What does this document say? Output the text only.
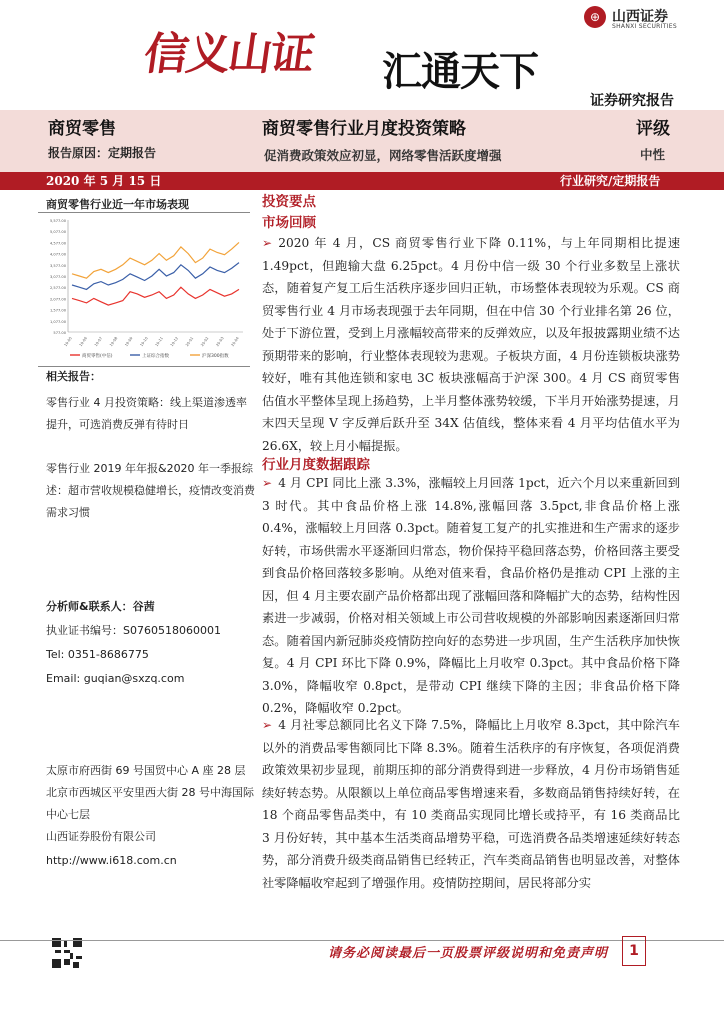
信义山证 汇通天下
⊕ 山西证券
SHANXI SECURITIES
证券研究报告
商贸零售
报告原因：定期报告
商贸零售行业月度投资策略
促消费政策效应初显，网络零售活跃度增强
评级
中性
2020 年 5 月 15 日	行业研究/定期报告
商贸零售行业近一年市场表现
5,577.00
5,077.00
4,577.00
4,077.00
3,577.00
3,077.00
2,577.00
2,077.00
1,577.00
1,077.00
577.00
19-05 19-06 19-07 19-08 19-09 19-10 19-11 19-12 20-01 20-02 20-03 20-04
商贸零售(中信)	上证综合指数	沪深300指数
相关报告：
零售行业 4 月投资策略：线上渠道渗透率提升，可选消费反弹有待时日
零售行业 2019 年年报&2020 年一季报综述：超市营收规模稳健增长，疫情改变消费需求习惯
分析师&联系人：谷茜
执业证书编号：S0760518060001
Tel: 0351-8686775
Email: guqian@sxzq.com
太原市府西街 69 号国贸中心 A 座 28 层
北京市西城区平安里西大街 28 号中海国际中心七层
山西证券股份有限公司
http://www.i618.com.cn
投资要点
市场回顾
➢ 2020 年 4 月，CS 商贸零售行业下降 0.11%，与上年同期相比提速 1.49pct，但跑输大盘 6.25pct。4 月份中信一级 30 个行业多数呈上涨状态，随着复产复工后生活秩序逐步回归正轨，市场整体表现较为乐观。CS 商贸零售行业 4 月市场表现强于去年同期，但在中信 30 个行业排名第 26 位，处于下游位置，受到上月涨幅较高带来的反弹效应，以及年报披露期业绩不达预期带来的影响，行业整体表现较为悲观。子板块方面，4 月份连锁板块涨势较好，唯有其他连锁和家电 3C 板块涨幅高于沪深 300。4 月 CS 商贸零售估值水平整体呈现上扬趋势，上半月整体涨势较缓，下半月开始涨势提速，月末四天呈现 V 字反弹后跃升至 34X 估值线，整体来看 4 月平均估值水平为 26.6X，较上月小幅提振。
行业月度数据跟踪
➢ 4 月 CPI 同比上涨 3.3%，涨幅较上月回落 1pct，近六个月以来重新回到 3 时代。其中食品价格上涨 14.8%,涨幅回落 3.5pct,非食品价格上涨 0.4%，涨幅较上月回落 0.3pct。随着复工复产的扎实推进和生产需求的逐步好转，市场供需水平逐渐回归常态，物价保持平稳回落态势，价格回落主要受到食品价格回落较多影响。从绝对值来看，食品价格仍是推动 CPI 上涨的主因，但 4 月主要农副产品价格都出现了涨幅回落和降幅扩大的态势，结构性因素进一步减弱，价格对相关领域上市公司营收规模的外部影响因素逐渐回归常态。随着国内新冠肺炎疫情防控向好的态势进一步巩固，生产生活秩序加快恢复。4 月 CPI 环比下降 0.9%，降幅比上月收窄 0.3pct。其中食品价格下降 3.0%，降幅收窄 0.8pct，是带动 CPI 继续下降的主因；非食品价格下降 0.2%，降幅收窄 0.2pct。
➢ 4 月社零总额同比名义下降 7.5%，降幅比上月收窄 8.3pct，其中除汽车以外的消费品零售额同比下降 8.3%。随着生活秩序的有序恢复，各项促消费政策效果初步显现，前期压抑的部分消费得到进一步释放，4 月份市场销售延续好转态势。从限额以上单位商品零售增速来看，多数商品销售持续好转，在 18 个商品零售品类中，有 10 类商品实现同比增长或持平，有 16 类商品比 3 月份好转，其中基本生活类商品增势平稳，可选消费各品类增速延续好转态势，部分消费升级类商品销售已经转正，汽车类商品销售也明显改善，对整体社零降幅收窄起到了增强作用。疫情防控期间，居民将部分实
请务必阅读最后一页股票评级说明和免责声明	1
